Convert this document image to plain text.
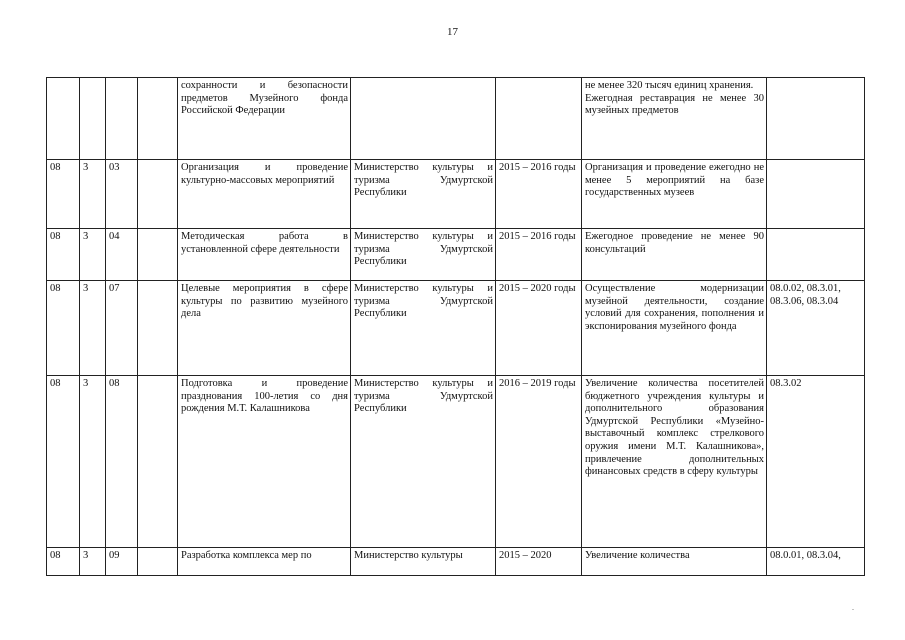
17
				сохранности и безопасности предметов Музейного фонда Российской Федерации			не менее 320 тысяч единиц хранения.
Ежегодная реставрация не менее 30 музейных предметов	
08	3	03		Организация и проведение культурно-массовых мероприятий	Министерство культуры и туризма Удмуртской Республики	2015 – 2016 годы	Организация и проведение ежегодно не менее 5 мероприятий на базе государственных музеев	
08	3	04		Методическая работа в установленной сфере деятельности	Министерство культуры и туризма Удмуртской Республики	2015 – 2016 годы	Ежегодное проведение не менее 90 консультаций	
08	3	07		Целевые мероприятия в сфере культуры по развитию музейного дела	Министерство культуры и туризма Удмуртской Республики	2015 – 2020 годы	Осуществление модернизации музейной деятельности, создание условий для сохранения, пополнения и экспонирования музейного фонда	08.0.02, 08.3.01, 08.3.06, 08.3.04
08	3	08		Подготовка и проведение празднования 100-летия со дня рождения М.Т. Калашникова	Министерство культуры и туризма Удмуртской Республики	2016 – 2019 годы	Увеличение количества посетителей бюджетного учреждения культуры и дополнительного образования Удмуртской Республики «Музейно-выставочный комплекс стрелкового оружия имени М.Т. Калашникова», привлечение дополнительных финансовых средств в сферу культуры	08.3.02
08	3	09		Разработка комплекса мер по	Министерство культуры	2015 – 2020	Увеличение количества	08.0.01, 08.3.04,
.
